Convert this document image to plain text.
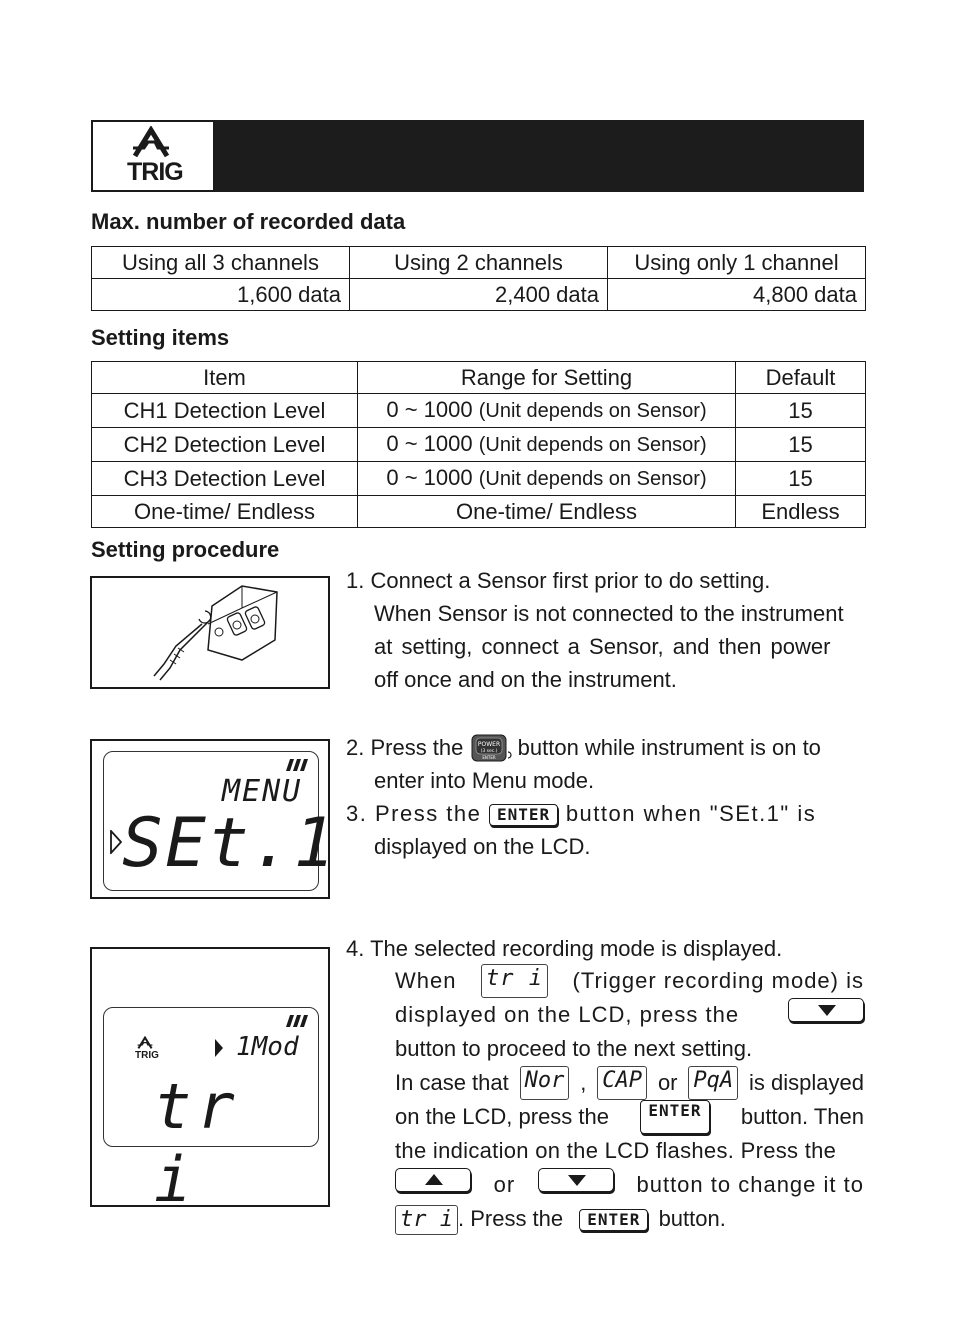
TRIG
Max. number of recorded data
Using all 3 channels	Using 2 channels	Using only 1 channel
1,600 data	2,400 data	4,800 data
Setting items
Item	Range for Setting	Default
CH1 Detection Level	0 ~ 1000 (Unit depends on Sensor)	15
CH2 Detection Level	0 ~ 1000 (Unit depends on Sensor)	15
CH3 Detection Level	0 ~ 1000 (Unit depends on Sensor)	15
One-time/ Endless	One-time/ Endless	Endless
Setting procedure
1. Connect a Sensor first prior to do setting.
When Sensor is not connected to the instrument
at setting, connect a Sensor, and then power
off once and on the instrument.
MENU
SEt.1
2. Press the POWER
(3 sec.)
ENTER button while instrument is on to
enter into Menu mode.
3. Press the ENTER button when "SEt.1" is
displayed on the LCD.
TRIG	1Mod
tr i
4. The selected recording mode is displayed.
When tr i (Trigger recording mode) is
displayed on the LCD, press the
button to proceed to the next setting.
In case that Nor , CAP or PqA is displayed
on the LCD, press the	ENTER	button. Then
the indication on the LCD flashes. Press the
or	button to change it to
tr i . Press the ENTER button.
